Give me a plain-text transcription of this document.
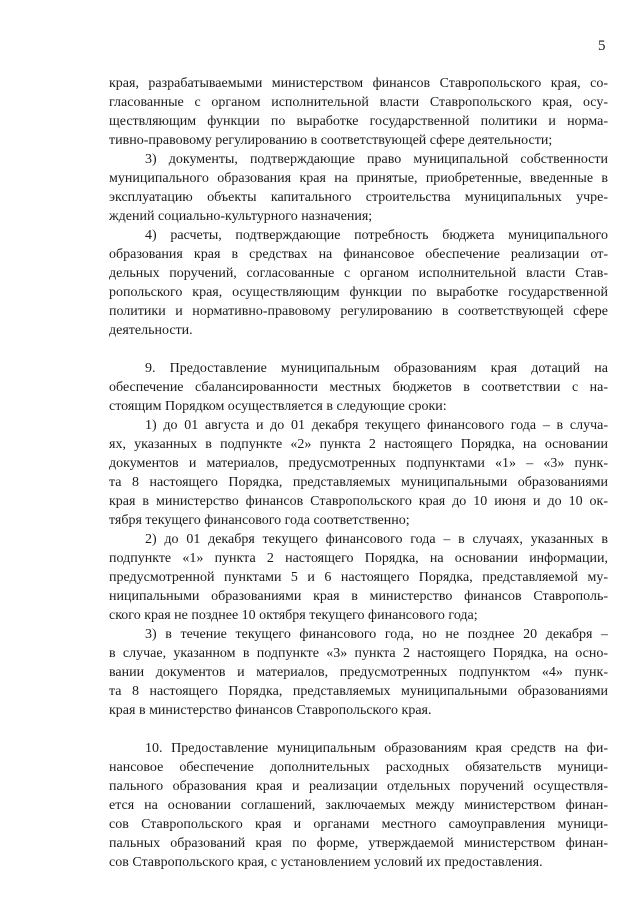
5
края, разрабатываемыми министерством финансов Ставропольского края, со-
гласованные с органом исполнительной власти Ставропольского края, осу-
ществляющим функции по выработке государственной политики и норма-
тивно-правовому регулированию в соответствующей сфере деятельности;
3) документы, подтверждающие право муниципальной собственности
муниципального образования края на принятые, приобретенные, введенные в
эксплуатацию объекты капитального строительства муниципальных учре-
ждений социально-культурного назначения;
4) расчеты, подтверждающие потребность бюджета муниципального
образования края в средствах на финансовое обеспечение реализации от-
дельных поручений, согласованные с органом исполнительной власти Став-
ропольского края, осуществляющим функции по выработке государственной
политики и нормативно-правовому регулированию в соответствующей сфере
деятельности.
9. Предоставление муниципальным образованиям края дотаций на
обеспечение сбалансированности местных бюджетов в соответствии с на-
стоящим Порядком осуществляется в следующие сроки:
1) до 01 августа и до 01 декабря текущего финансового года – в случа-
ях, указанных в подпункте «2» пункта 2 настоящего Порядка, на основании
документов и материалов, предусмотренных подпунктами «1» – «3» пунк-
та 8 настоящего Порядка, представляемых муниципальными образованиями
края в министерство финансов Ставропольского края до 10 июня и до 10 ок-
тября текущего финансового года соответственно;
2) до 01 декабря текущего финансового года – в случаях, указанных в
подпункте «1» пункта 2 настоящего Порядка, на основании информации,
предусмотренной пунктами 5 и 6 настоящего Порядка, представляемой му-
ниципальными образованиями края в министерство финансов Ставрополь-
ского края не позднее 10 октября текущего финансового года;
3) в течение текущего финансового года, но не позднее 20 декабря –
в случае, указанном в подпункте «3» пункта 2 настоящего Порядка, на осно-
вании документов и материалов, предусмотренных подпунктом «4» пунк-
та 8 настоящего Порядка, представляемых муниципальными образованиями
края в министерство финансов Ставропольского края.
10. Предоставление муниципальным образованиям края средств на фи-
нансовое обеспечение дополнительных расходных обязательств муници-
пального образования края и реализации отдельных поручений осуществля-
ется на основании соглашений, заключаемых между министерством финан-
сов Ставропольского края и органами местного самоуправления муници-
пальных образований края по форме, утверждаемой министерством финан-
сов Ставропольского края, с установлением условий их предоставления.
